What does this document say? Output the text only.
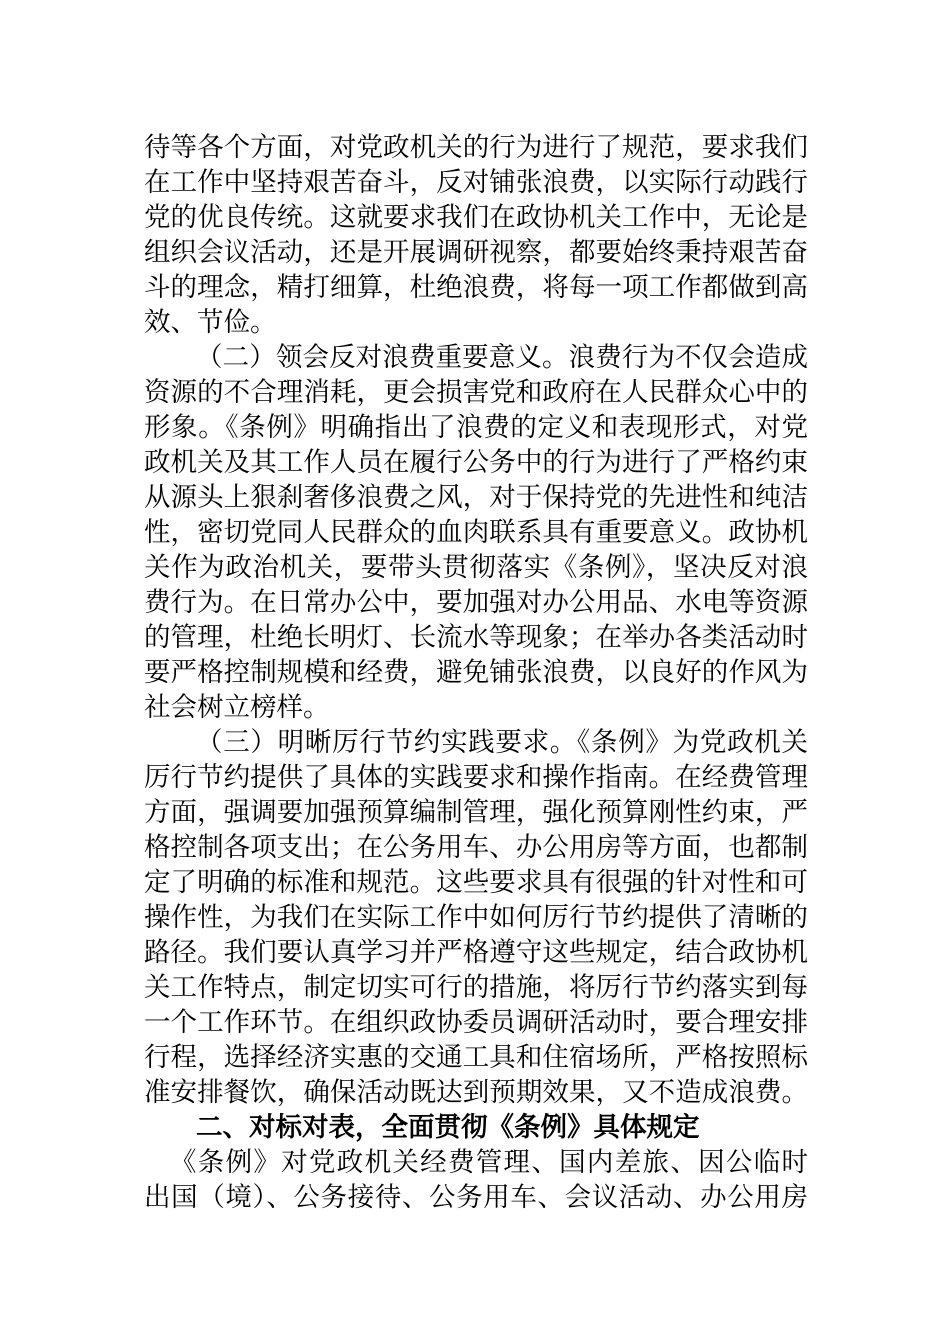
待等各个方面，对党政机关的行为进行了规范，要求我们
在工作中坚持艰苦奋斗，反对铺张浪费，以实际行动践行
党的优良传统。这就要求我们在政协机关工作中，无论是
组织会议活动，还是开展调研视察，都要始终秉持艰苦奋
斗的理念，精打细算，杜绝浪费，将每一项工作都做到高
效、节俭。
（二）领会反对浪费重要意义。浪费行为不仅会造成
资源的不合理消耗，更会损害党和政府在人民群众心中的
形象。《条例》明确指出了浪费的定义和表现形式，对党
政机关及其工作人员在履行公务中的行为进行了严格约束
从源头上狠刹奢侈浪费之风，对于保持党的先进性和纯洁
性，密切党同人民群众的血肉联系具有重要意义。政协机
关作为政治机关，要带头贯彻落实《条例》，坚决反对浪
费行为。在日常办公中，要加强对办公用品、水电等资源
的管理，杜绝长明灯、长流水等现象；在举办各类活动时
要严格控制规模和经费，避免铺张浪费，以良好的作风为
社会树立榜样。
（三）明晰厉行节约实践要求。《条例》为党政机关
厉行节约提供了具体的实践要求和操作指南。在经费管理
方面，强调要加强预算编制管理，强化预算刚性约束，严
格控制各项支出；在公务用车、办公用房等方面，也都制
定了明确的标准和规范。这些要求具有很强的针对性和可
操作性，为我们在实际工作中如何厉行节约提供了清晰的
路径。我们要认真学习并严格遵守这些规定，结合政协机
关工作特点，制定切实可行的措施，将厉行节约落实到每
一个工作环节。在组织政协委员调研活动时，要合理安排
行程，选择经济实惠的交通工具和住宿场所，严格按照标
准安排餐饮，确保活动既达到预期效果，又不造成浪费。
二、对标对表，全面贯彻《条例》具体规定
《条例》对党政机关经费管理、国内差旅、因公临时
出国（境）、公务接待、公务用车、会议活动、办公用房
